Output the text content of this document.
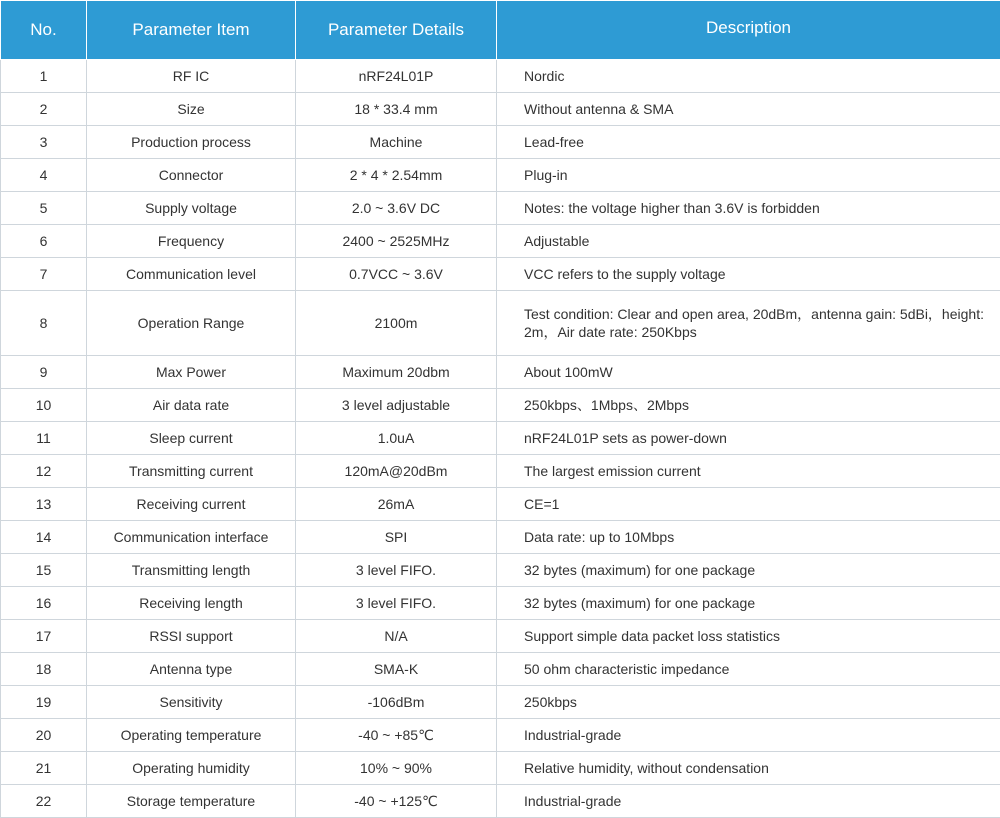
No.	Parameter Item	Parameter Details	Description
1	RF IC	nRF24L01P	Nordic
2	Size	18 * 33.4 mm	Without antenna & SMA
3	Production process	Machine	Lead-free
4	Connector	2 * 4 * 2.54mm	Plug-in
5	Supply voltage	2.0 ~ 3.6V DC	Notes: the voltage higher than 3.6V is forbidden
6	Frequency	2400 ~ 2525MHz	Adjustable
7	Communication level	0.7VCC ~ 3.6V	VCC refers to the supply voltage
8	Operation Range	2100m	Test condition: Clear and open area, 20dBm，antenna gain: 5dBi，height: 2m，Air date rate: 250Kbps
9	Max Power	Maximum 20dbm	About 100mW
10	Air data rate	3 level adjustable	250kbps、1Mbps、2Mbps
11	Sleep current	1.0uA	nRF24L01P sets as power-down
12	Transmitting current	120mA@20dBm	The largest emission current
13	Receiving current	26mA	CE=1
14	Communication interface	SPI	Data rate: up to 10Mbps
15	Transmitting length	3 level FIFO.	32 bytes (maximum) for one package
16	Receiving length	3 level FIFO.	32 bytes (maximum) for one package
17	RSSI support	N/A	Support simple data packet loss statistics
18	Antenna type	SMA-K	50 ohm characteristic impedance
19	Sensitivity	-106dBm	250kbps
20	Operating temperature	-40 ~ +85℃	Industrial-grade
21	Operating humidity	10% ~ 90%	Relative humidity, without condensation
22	Storage temperature	-40 ~ +125℃	Industrial-grade
